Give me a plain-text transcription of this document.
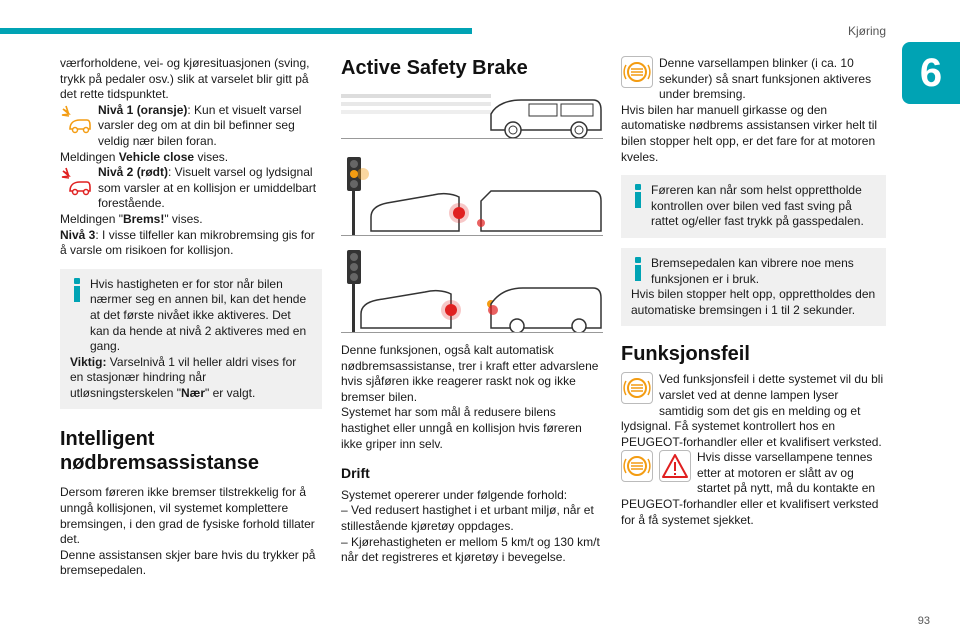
Kjøring
6

værforholdene, vei- og kjøresituasjonen (sving, trykk på pedaler osv.) slik at varselet blir gitt på det rette tidspunktet.

Nivå 1 (oransje): Kun et visuelt varsel varsler deg om at din bil befinner seg veldig nær bilen foran.

Meldingen Vehicle close vises.

Nivå 2 (rødt): Visuelt varsel og lydsignal som varsler at en kollisjon er umiddelbart forestående.

Meldingen "Brems!" vises.

Nivå 3: I visse tilfeller kan mikrobremsing gis for å varsle om risikoen for kollisjon.

Hvis hastigheten er for stor når bilen nærmer seg en annen bil, kan det hende at det første nivået ikke aktiveres. Det kan da hende at nivå 2 aktiveres med en gang.

Viktig: Varselnivå 1 vil heller aldri vises for en stasjonær hindring når utløsningsterskelen "Nær" er valgt.

Intelligent nødbremsassistanse

Dersom føreren ikke bremser tilstrekkelig for å unngå kollisjonen, vil systemet komplettere bremsingen, i den grad de fysiske forhold tillater det.

Denne assistansen skjer bare hvis du trykker på bremsepedalen.

Active Safety Brake

Denne funksjonen, også kalt automatisk nødbremsassistanse, trer i kraft etter advarslene hvis sjåføren ikke reagerer raskt nok og ikke bremser bilen.

Systemet har som mål å redusere bilens hastighet eller unngå en kollisjon hvis føreren ikke griper inn selv.

Drift

Systemet opererer under følgende forhold:

– Ved redusert hastighet i et urbant miljø, når et stillestående kjøretøy oppdages.

– Kjørehastigheten er mellom 5 km/t og 130 km/t når det registreres et kjøretøy i bevegelse.

Denne varsellampen blinker (i ca. 10 sekunder) så snart funksjonen aktiveres under bremsing.

Hvis bilen har manuell girkasse og den automatiske nødbrems assistansen virker helt til bilen stopper helt opp, er det fare for at motoren kveles.

Føreren kan når som helst opprettholde kontrollen over bilen ved fast sving på rattet og/eller fast trykk på gasspedalen.

Bremsepedalen kan vibrere noe mens funksjonen er i bruk.

Hvis bilen stopper helt opp, opprettholdes den automatiske bremsingen i 1 til 2 sekunder.

Funksjonsfeil
Ved funksjonsfeil i dette systemet vil du bli varslet ved at denne lampen lyser samtidig som det gis en melding og et lydsignal. Få systemet kontrollert hos en PEUGEOT-forhandler eller et kvalifisert verksted.
Hvis disse varsellampene tennes etter at motoren er slått av og startet på nytt, må du kontakte en PEUGEOT-forhandler eller et kvalifisert verksted for å få systemet sjekket.
93
